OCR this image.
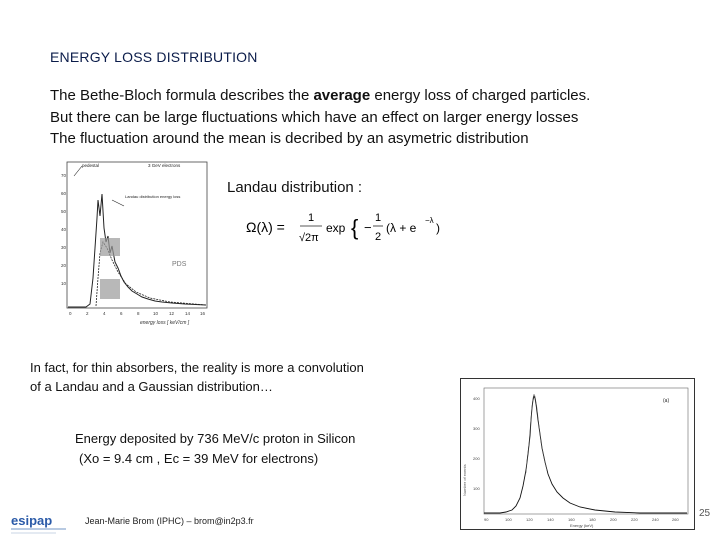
ENERGY LOSS DISTRIBUTION
The Bethe-Bloch formula describes the average energy loss of charged particles.
But there can be large fluctuations which have an effect on larger energy losses
The fluctuation around the mean is decribed by an asymetric distribution
Landau distribution :
Ω(λ) =
1
√2π
exp { −
1
2
(λ + e
−λ
)
70
60
50
40
30
20
10
0	2	4	6	8	10 12 14 16
pedestal	3 GeV electrons
Landau distribution energy loss
PDS
energy loss [ keV/cm ]
In fact, for thin absorbers, the reality is more a convolution
of a Landau and a Gaussian distribution…
Number of events
400
300
200
100
90	100	120	140	160	180	200	220	240	260
Energy (keV)
(a)
Energy deposited by 736 MeV/c proton in Silicon
(Xo = 9.4 cm , Ec = 39 MeV for electrons)
esipap	Jean-Marie Brom (IPHC) – brom@in2p3.fr
25
